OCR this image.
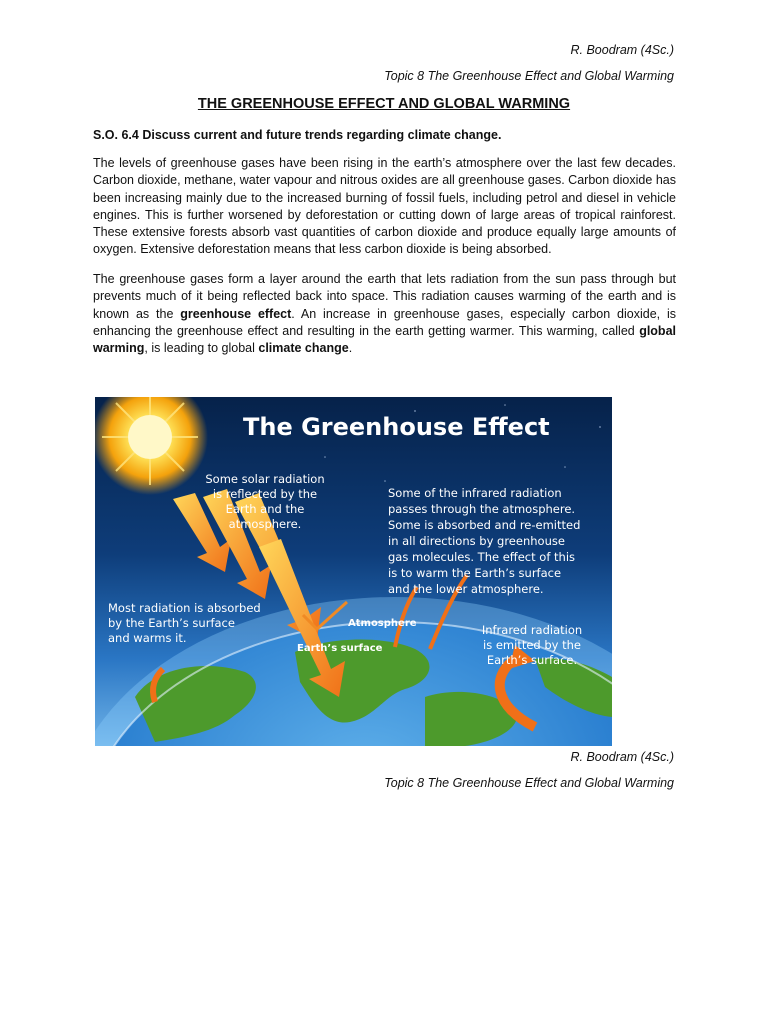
R. Boodram (4Sc.)
Topic 8 The Greenhouse Effect and Global Warming
THE GREENHOUSE EFFECT AND GLOBAL WARMING
S.O. 6.4 Discuss current and future trends regarding climate change.

The levels of greenhouse gases have been rising in the earth’s atmosphere over the last few decades. Carbon dioxide, methane, water vapour and nitrous oxides are all greenhouse gases. Carbon dioxide has been increasing mainly due to the increased burning of fossil fuels, including petrol and diesel in vehicle engines. This is further worsened by deforestation or cutting down of large areas of tropical rainforest. These extensive forests absorb vast quantities of carbon dioxide and produce equally large amounts of oxygen. Extensive deforestation means that less carbon dioxide is being absorbed.

The greenhouse gases form a layer around the earth that lets radiation from the sun pass through but prevents much of it being reflected back into space. This radiation causes warming of the earth and is known as the greenhouse effect. An increase in greenhouse gases, especially carbon dioxide, is enhancing the greenhouse effect and resulting in the earth getting warmer. This warming, called global warming, is leading to global climate change.

The Greenhouse Effect
Some solar radiation
is reflected by the
Earth and the
atmosphere.
Some of the infrared radiation
passes through the atmosphere.
Some is absorbed and re-emitted
in all directions by greenhouse
gas molecules. The effect of this
is to warm the Earth’s surface
and the lower atmosphere.
Most radiation is absorbed
by the Earth’s surface
and warms it.
Atmosphere
Earth’s surface
Infrared radiation
is emitted by the
Earth’s surface.
R. Boodram (4Sc.)
Topic 8 The Greenhouse Effect and Global Warming
